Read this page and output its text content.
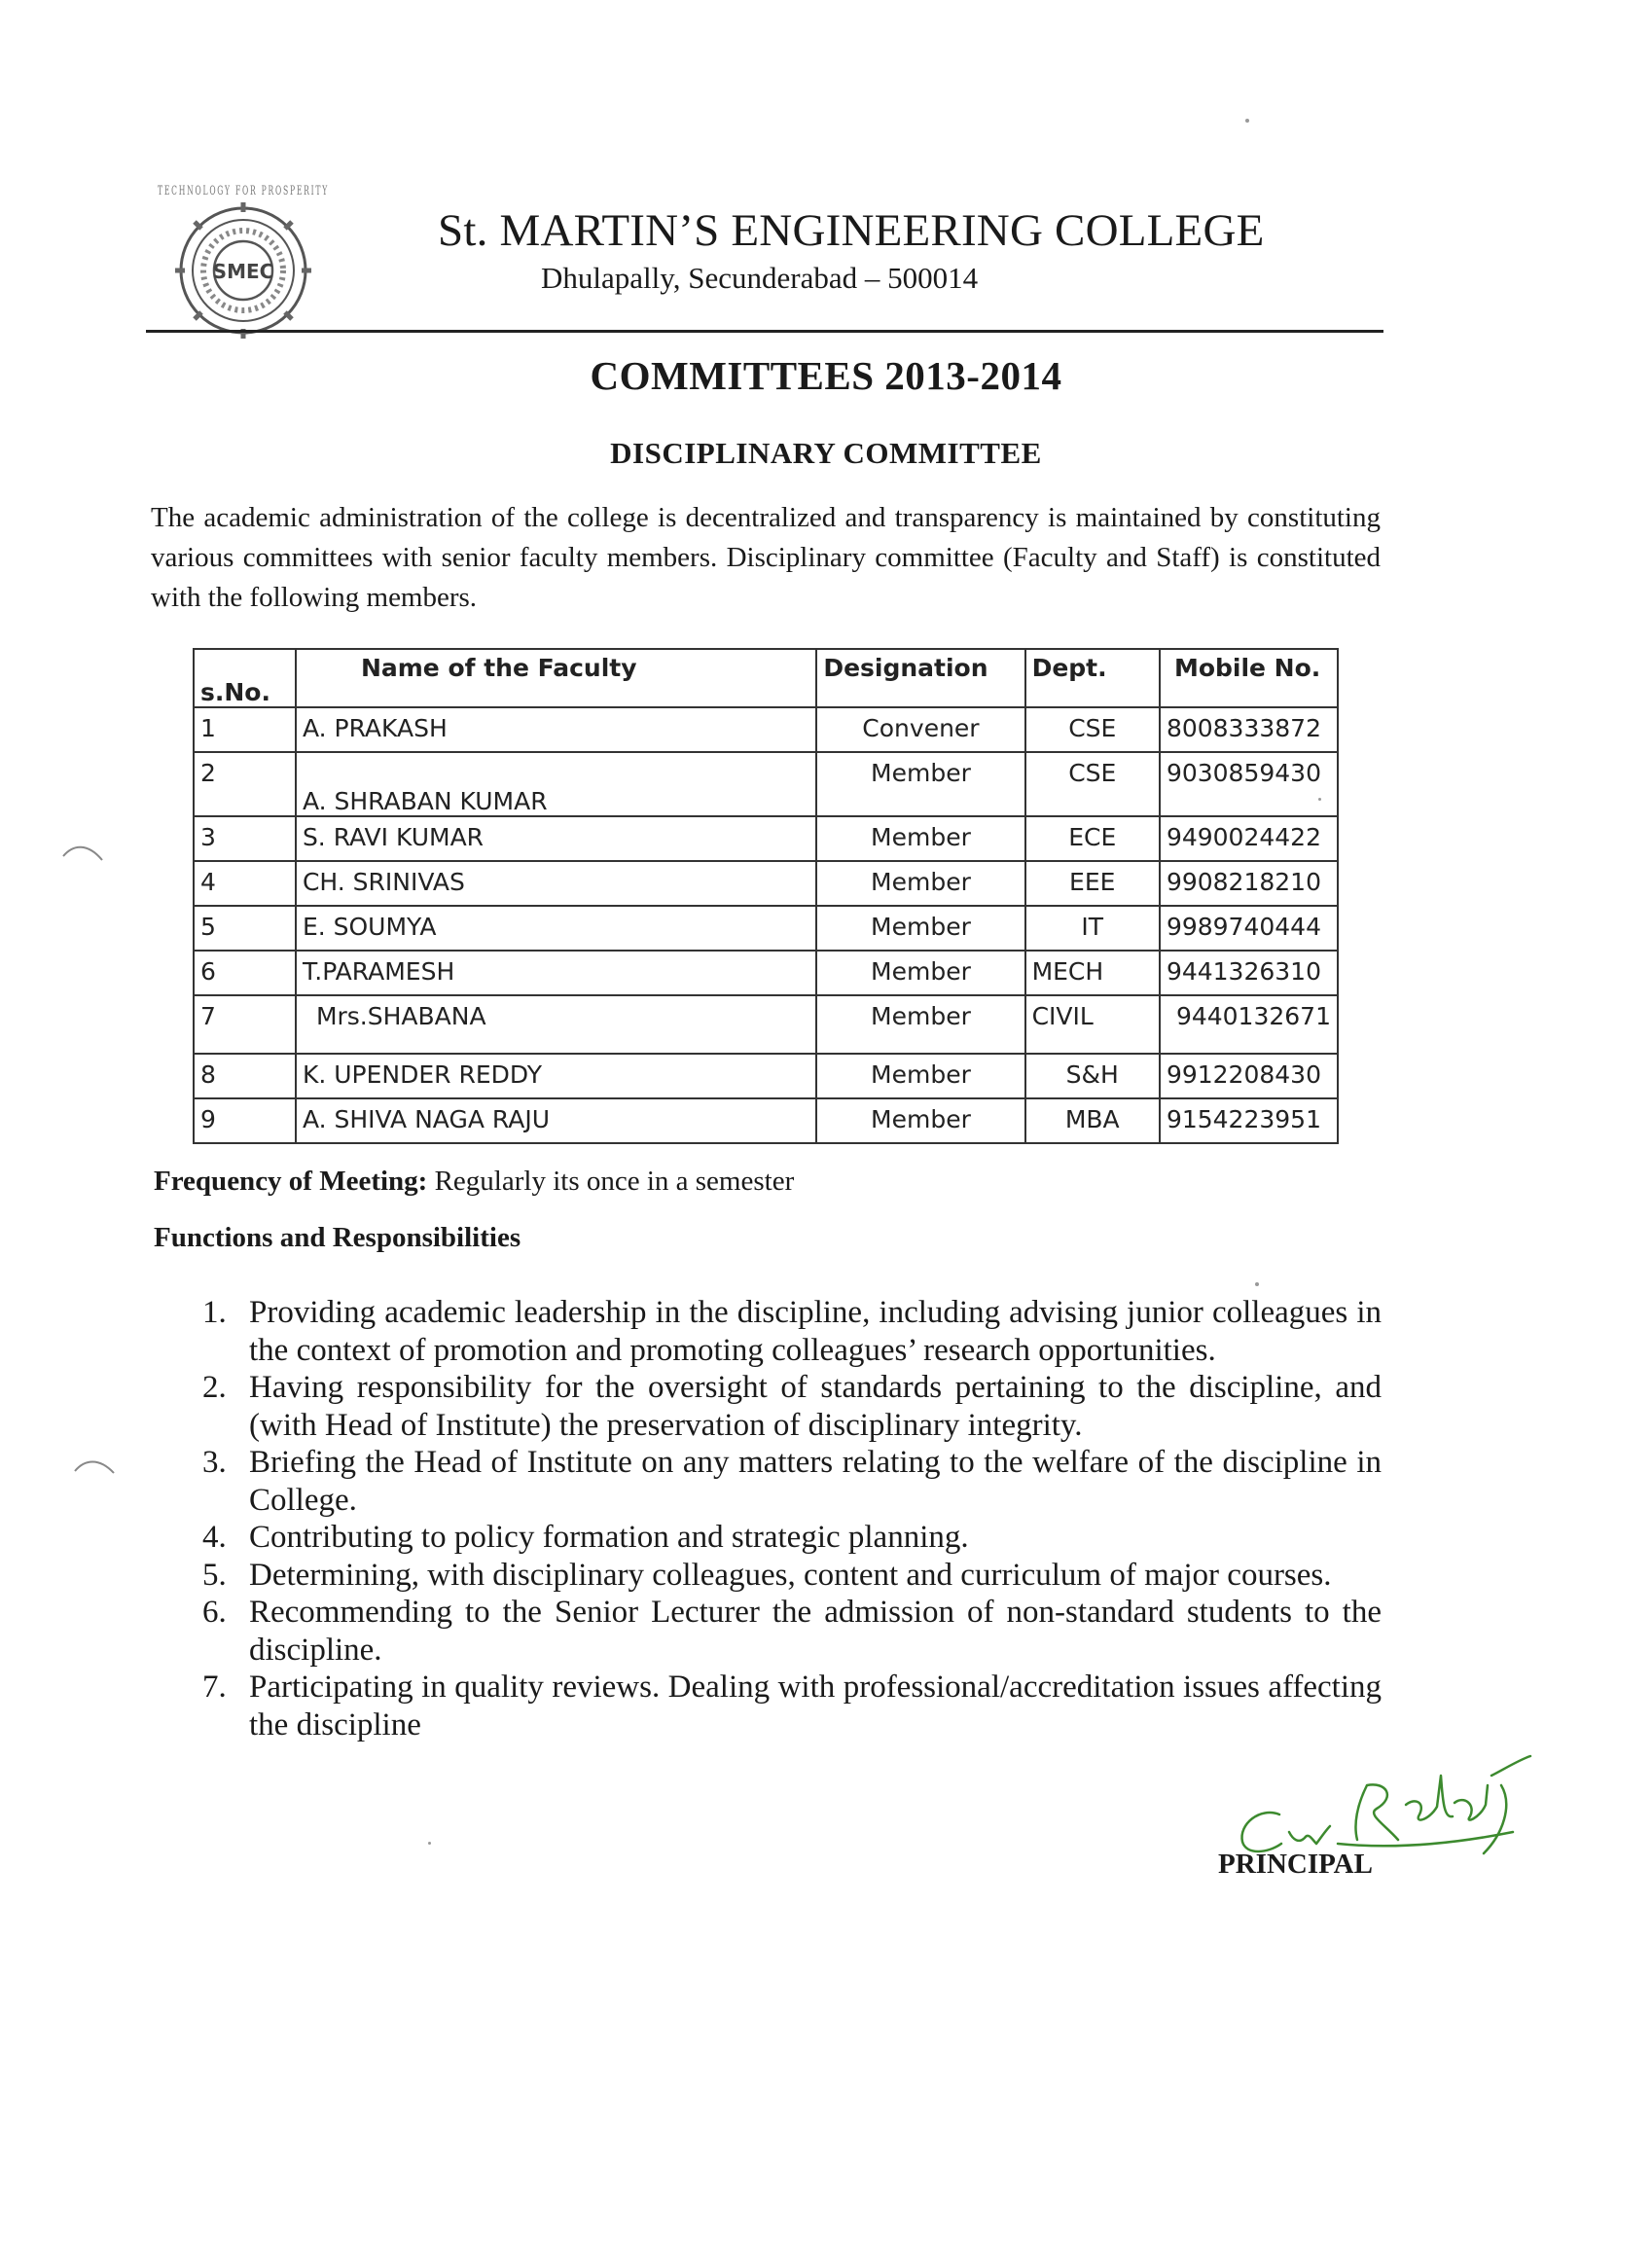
SMEC
TECHNOLOGY FOR PROSPERITY
St. MARTIN’S ENGINEERING COLLEGE
Dhulapally, Secunderabad – 500014
COMMITTEES 2013-2014
DISCIPLINARY COMMITTEE
The academic administration of the college is decentralized and transparency is maintained by constituting various committees with senior faculty members. Disciplinary committee (Faculty and Staff) is constituted with the following members.
s.No.	Name of the Faculty	Designation	Dept.	Mobile No.
1	A. PRAKASH	Convener	CSE	8008333872
2	A. SHRABAN KUMAR	Member	CSE	9030859430
3	S. RAVI KUMAR	Member	ECE	9490024422
4	CH. SRINIVAS	Member	EEE	9908218210
5	E. SOUMYA	Member	IT	9989740444
6	T.PARAMESH	Member	MECH	9441326310
7	Mrs.SHABANA	Member	CIVIL	9440132671
8	K. UPENDER REDDY	Member	S&H	9912208430
9	A. SHIVA NAGA RAJU	Member	MBA	9154223951
Frequency of Meeting: Regularly its once in a semester
Functions and Responsibilities
1. Providing academic leadership in the discipline, including advising junior colleagues in the context of promotion and promoting colleagues’ research opportunities.
2. Having responsibility for the oversight of standards pertaining to the discipline, and (with Head of Institute) the preservation of disciplinary integrity.
3. Briefing the Head of Institute on any matters relating to the welfare of the discipline in College.
4. Contributing to policy formation and strategic planning.
5. Determining, with disciplinary colleagues, content and curriculum of major courses.
6. Recommending to the Senior Lecturer the admission of non-standard students to the discipline.
7. Participating in quality reviews. Dealing with professional/accreditation issues affecting the discipline
PRINCIPAL
